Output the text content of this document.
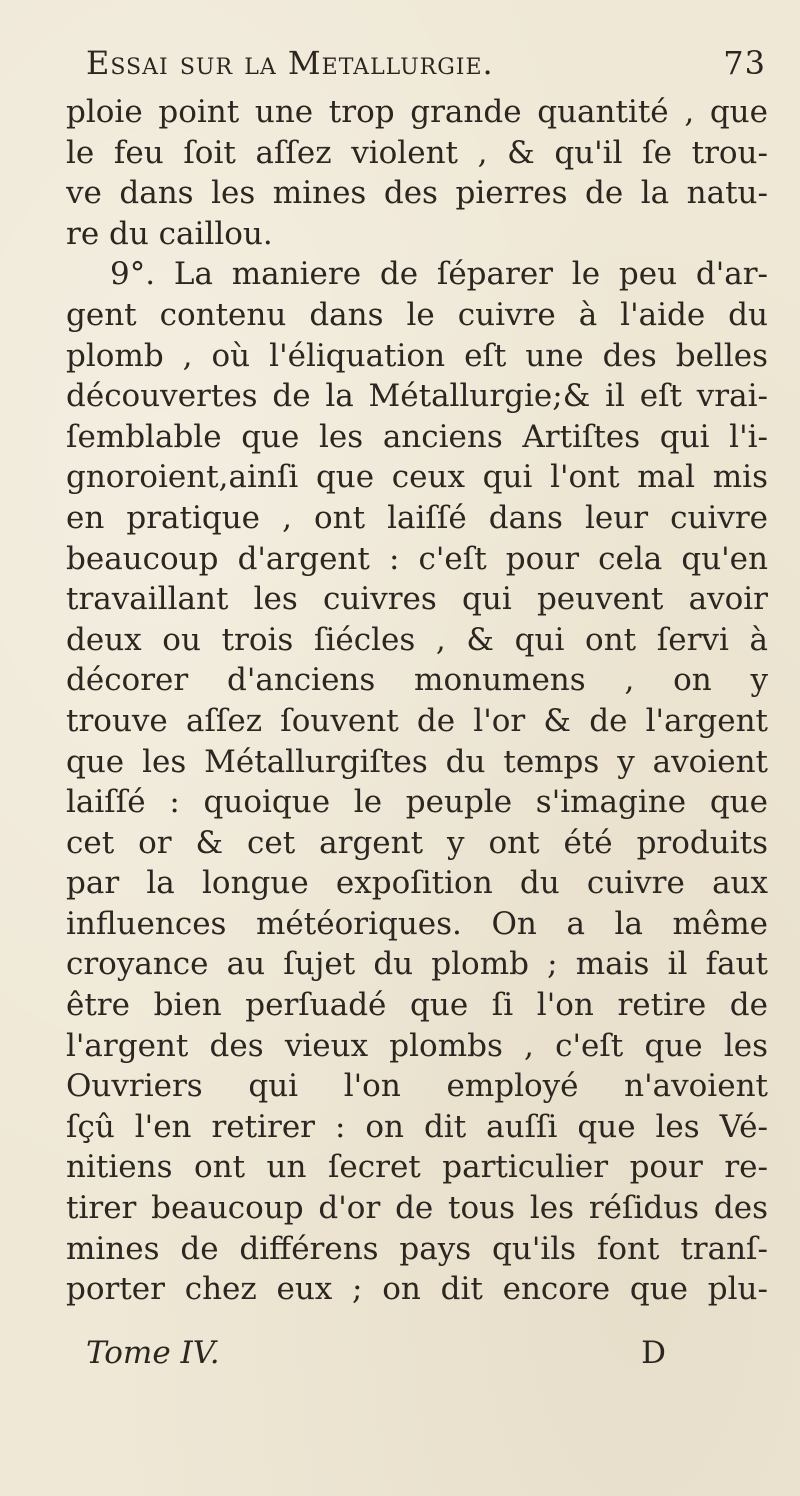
Essai sur la Metallurgie.	73
ploie point une trop grande quantité , que
le feu ſoit aſſez violent , & qu'il ſe trou-
ve dans les mines des pierres de la natu-
re du caillou.
9°. La maniere de ſéparer le peu d'ar-
gent contenu dans le cuivre à l'aide du
plomb , où l'éliquation eſt une des belles
découvertes de la Métallurgie;& il eſt vrai-
ſemblable que les anciens Artiſtes qui l'i-
gnoroient,ainſi que ceux qui l'ont mal mis
en pratique , ont laiſſé dans leur cuivre
beaucoup d'argent : c'eſt pour cela qu'en
travaillant les cuivres qui peuvent avoir
deux ou trois ſiécles , & qui ont ſervi à
décorer d'anciens monumens , on y
trouve aſſez ſouvent de l'or & de l'argent
que les Métallurgiſtes du temps y avoient
laiſſé : quoique le peuple s'imagine que
cet or & cet argent y ont été produits
par la longue expoſition du cuivre aux
influences météoriques. On a la même
croyance au ſujet du plomb ; mais il faut
être bien perſuadé que ſi l'on retire de
l'argent des vieux plombs , c'eſt que les
Ouvriers qui l'on employé n'avoient
ſçû l'en retirer : on dit auſſi que les Vé-
nitiens ont un ſecret particulier pour re-
tirer beaucoup d'or de tous les réſidus des
mines de différens pays qu'ils font tranſ-
porter chez eux ; on dit encore que plu-
Tome IV.	D
